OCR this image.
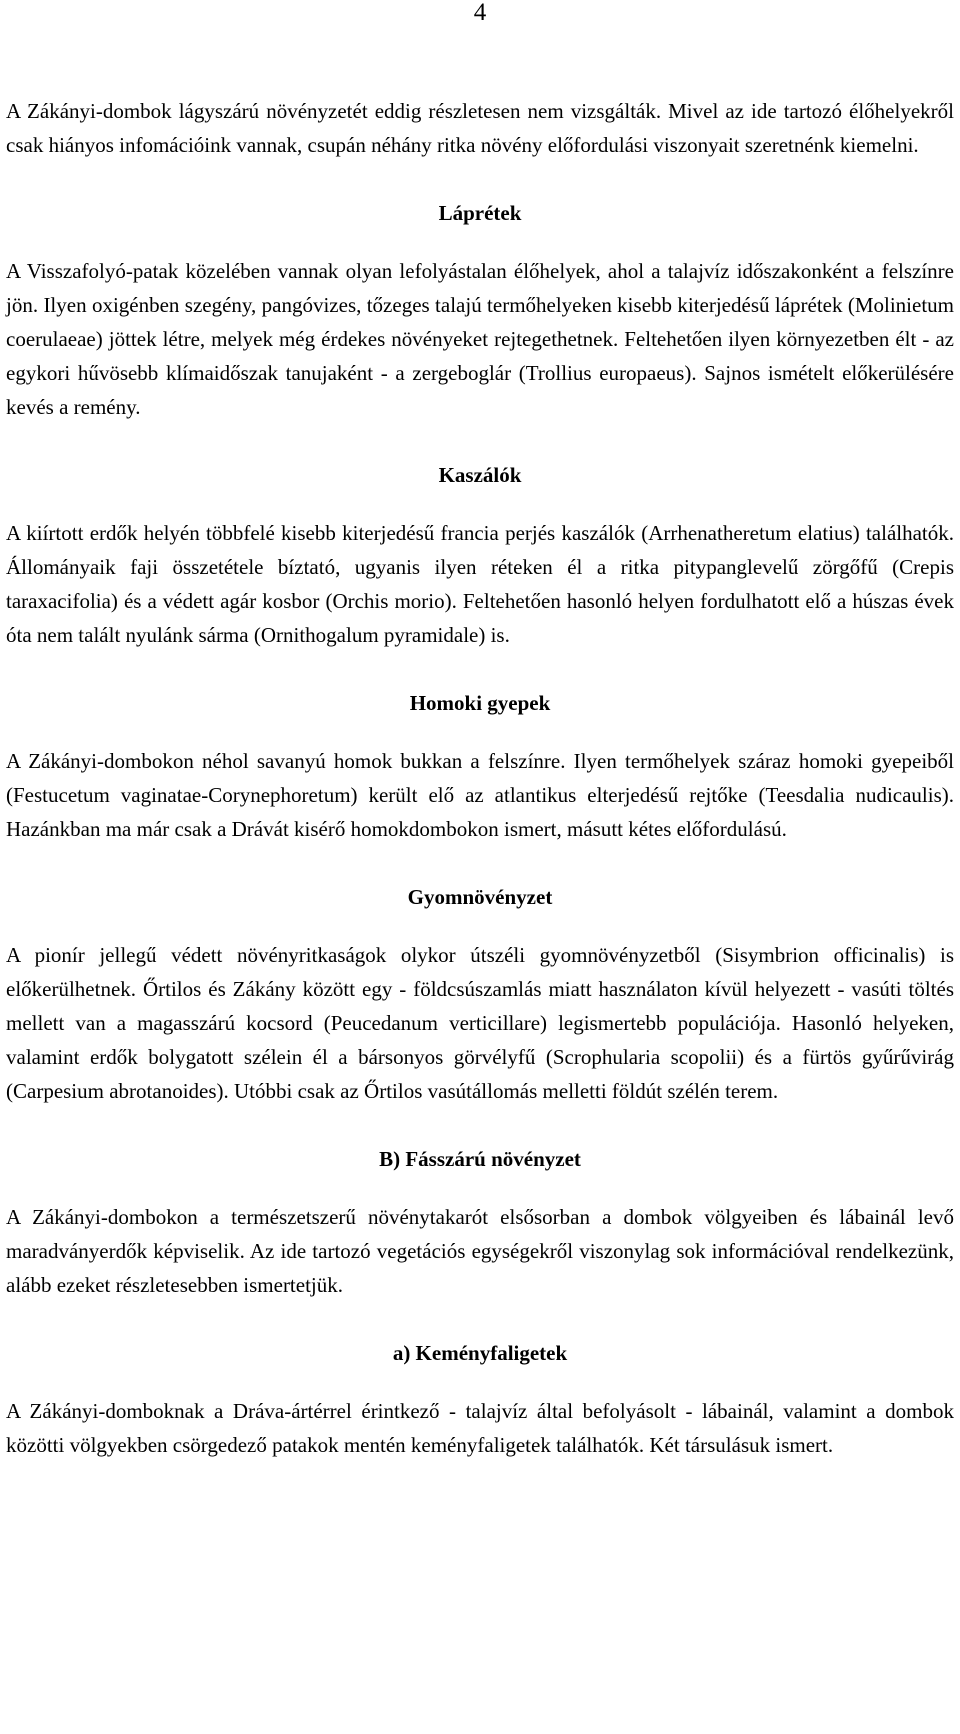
4

A Zákányi-dombok lágyszárú növényzetét eddig részletesen nem vizsgálták. Mivel az ide tartozó élőhelyekről csak hiányos infomációink vannak, csupán néhány ritka növény előfordulási viszonyait szeretnénk kiemelni.

Láprétek

A Visszafolyó-patak közelében vannak olyan lefolyástalan élőhelyek, ahol a talajvíz időszakonként a felszínre jön. Ilyen oxigénben szegény, pangóvizes, tőzeges talajú termőhelyeken kisebb kiterjedésű láprétek (Molinietum coerulaeae) jöttek létre, melyek még érdekes növényeket rejtegethetnek. Feltehetően ilyen környezetben élt - az egykori hűvösebb klímaidőszak tanujaként - a zergeboglár (Trollius europaeus). Sajnos ismételt előkerülésére kevés a remény.

Kaszálók

A kiírtott erdők helyén többfelé kisebb kiterjedésű francia perjés kaszálók (Arrhenatheretum elatius) találhatók. Állományaik faji összetétele bíztató, ugyanis ilyen réteken él a ritka pitypanglevelű zörgőfű (Crepis taraxacifolia) és a védett agár kosbor (Orchis morio). Feltehetően hasonló helyen fordulhatott elő a húszas évek óta nem talált nyulánk sárma (Ornithogalum pyramidale) is.

Homoki gyepek

A Zákányi-dombokon néhol savanyú homok bukkan a felszínre. Ilyen termőhelyek száraz homoki gyepeiből (Festucetum vaginatae-Corynephoretum) került elő az atlantikus elterjedésű rejtőke (Teesdalia nudicaulis). Hazánkban ma már csak a Drávát kisérő homokdombokon ismert, másutt kétes előfordulású.

Gyomnövényzet

A pionír jellegű védett növényritkaságok olykor útszéli gyomnövényzetből (Sisymbrion officinalis) is előkerülhetnek. Őrtilos és Zákány között egy - földcsúszamlás miatt használaton kívül helyezett - vasúti töltés mellett van a magasszárú kocsord (Peucedanum verticillare) legismertebb populációja. Hasonló helyeken, valamint erdők bolygatott szélein él a bársonyos görvélyfű (Scrophularia scopolii) és a fürtös gyűrűvirág (Carpesium abrotanoides). Utóbbi csak az Őrtilos vasútállomás melletti földút szélén terem.

B) Fásszárú növényzet

A Zákányi-dombokon a természetszerű növénytakarót elsősorban a dombok völgyeiben és lábainál levő maradványerdők képviselik. Az ide tartozó vegetációs egységekről viszonylag sok információval rendelkezünk, alább ezeket részletesebben ismertetjük.

a) Keményfaligetek

A Zákányi-domboknak a Dráva-ártérrel érintkező - talajvíz által befolyásolt - lábainál, valamint a dombok közötti völgyekben csörgedező patakok mentén keményfaligetek találhatók. Két társulásuk ismert.
